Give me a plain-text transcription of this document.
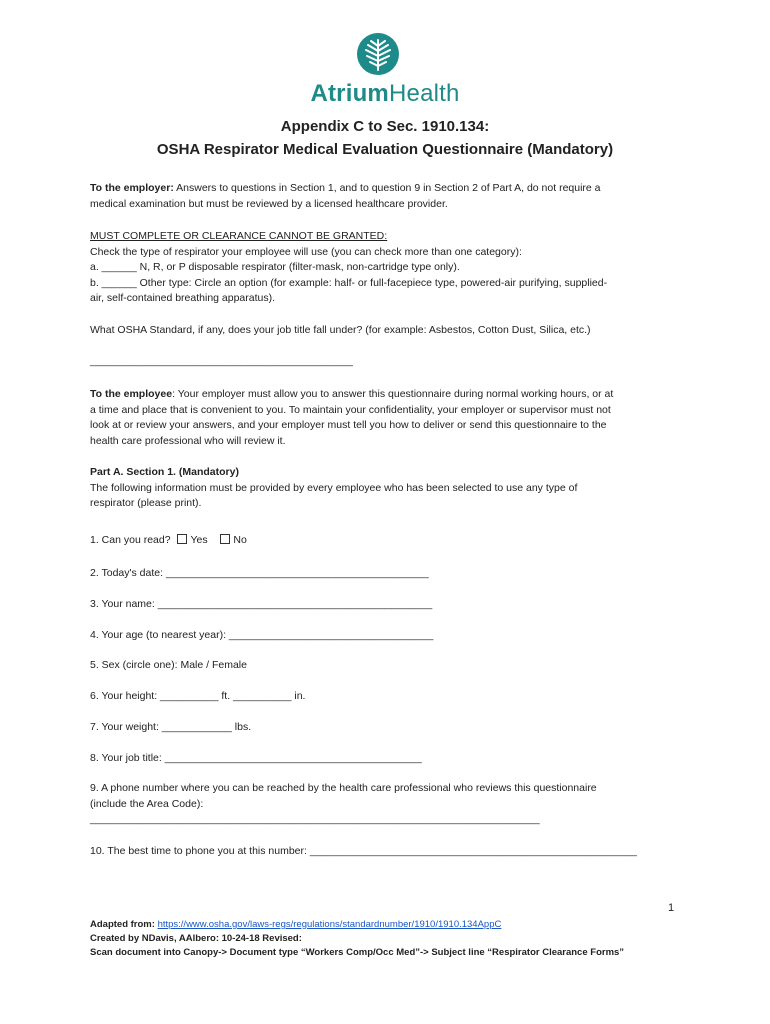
AtriumHealth
Appendix C to Sec. 1910.134:
OSHA Respirator Medical Evaluation Questionnaire (Mandatory)
To the employer: Answers to questions in Section 1, and to question 9 in Section 2 of Part A, do not require a
medical examination but must be reviewed by a licensed healthcare provider.
MUST COMPLETE OR CLEARANCE CANNOT BE GRANTED:
Check the type of respirator your employee will use (you can check more than one category):
a. ______ N, R, or P disposable respirator (filter-mask, non-cartridge type only).
b. ______ Other type: Circle an option (for example: half- or full-facepiece type, powered-air purifying, supplied-
air, self-contained breathing apparatus).
What OSHA Standard, if any, does your job title fall under? (for example: Asbestos, Cotton Dust, Silica, etc.)
_____________________________________________
To the employee: Your employer must allow you to answer this questionnaire during normal working hours, or at
a time and place that is convenient to you. To maintain your confidentiality, your employer or supervisor must not
look at or review your answers, and your employer must tell you how to deliver or send this questionnaire to the
health care professional who will review it.
Part A. Section 1. (Mandatory)
The following information must be provided by every employee who has been selected to use any type of
respirator (please print).
1. Can you read? Yes No
2. Today's date: _____________________________________________
3. Your name: _______________________________________________
4. Your age (to nearest year): ___________________________________
5. Sex (circle one): Male / Female
6. Your height: __________ ft. __________ in.
7. Your weight: ____________ lbs.
8. Your job title: ____________________________________________
9. A phone number where you can be reached by the health care professional who reviews this questionnaire
(include the Area Code):
_____________________________________________________________________________
10. The best time to phone you at this number: ________________________________________________________
1
Adapted from: https://www.osha.gov/laws-regs/regulations/standardnumber/1910/1910.134AppC
Created by NDavis, AAlbero: 10-24-18 Revised:
Scan document into Canopy-> Document type “Workers Comp/Occ Med”-> Subject line “Respirator Clearance Forms”
